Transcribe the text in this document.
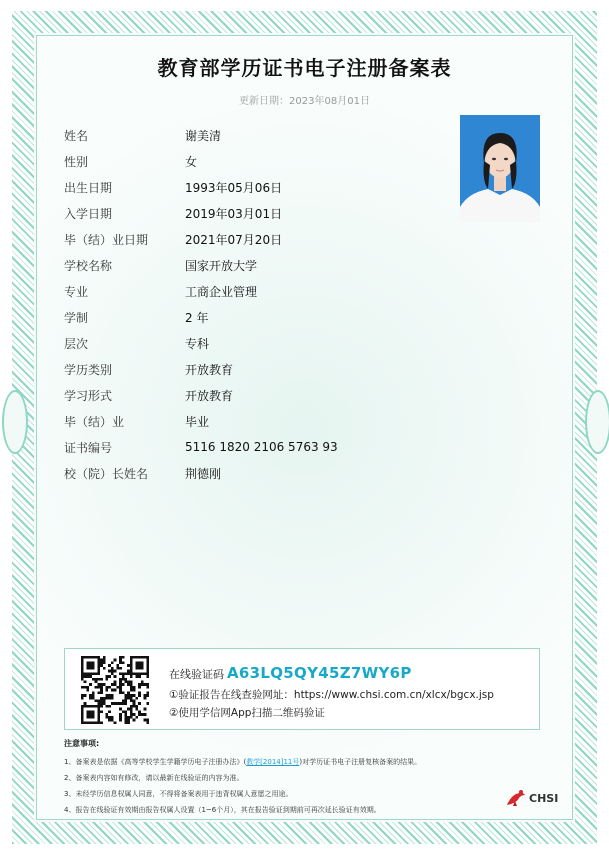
教育部学历证书电子注册备案表
更新日期：2023年08月01日
姓名	谢美清
性别	女
出生日期	1993年05月06日
入学日期	2019年03月01日
毕（结）业日期	2021年07月20日
学校名称	国家开放大学
专业	工商企业管理
学制	2 年
层次	专科
学历类别	开放教育
学习形式	开放教育
毕（结）业	毕业
证书编号	5116 1820 2106 5763 93
校（院）长姓名	荆德刚
在线验证码 A63LQ5QY45Z7WY6P
①验证报告在线查验网址：https://www.chsi.com.cn/xlcx/bgcx.jsp
②使用学信网App扫描二维码验证
注意事项:
1、备案表是依据《高等学校学生学籍学历电子注册办法》(教学[2014]11号)对学历证书电子注册复核备案的结果。
2、备案表内容如有修改，请以最新在线验证的内容为准。
3、未经学历信息权属人同意，不得将备案表用于违背权属人意愿之用途。
4、报告在线验证有效期由报告权属人设置（1~6个月），其在报告验证到期前可再次延长验证有效期。
CHSI
